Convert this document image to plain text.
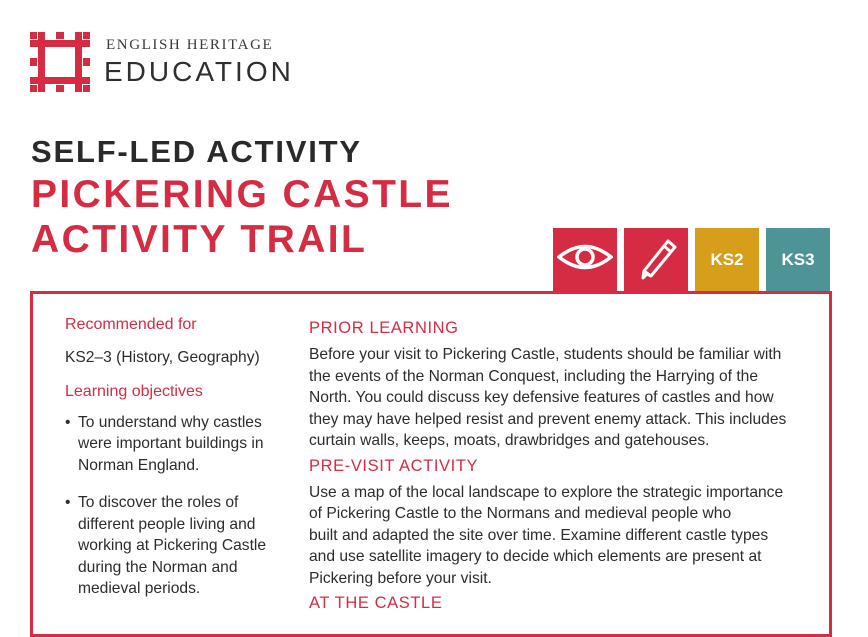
ENGLISH HERITAGE
EDUCATION
SELF-LED ACTIVITY
PICKERING CASTLE
ACTIVITY TRAIL	KS2	KS3
Recommended for
KS2–3 (History, Geography)
Learning objectives
• To understand why castles were important buildings in Norman England.
• To discover the roles of different people living and working at Pickering Castle during the Norman and medieval periods.
PRIOR LEARNING
Before your visit to Pickering Castle, students should be familiar with
the events of the Norman Conquest, including the Harrying of the
North. You could discuss key defensive features of castles and how
they may have helped resist and prevent enemy attack. This includes
curtain walls, keeps, moats, drawbridges and gatehouses.
PRE-VISIT ACTIVITY
Use a map of the local landscape to explore the strategic importance
of Pickering Castle to the Normans and medieval people who
built and adapted the site over time. Examine different castle types
and use satellite imagery to decide which elements are present at
Pickering before your visit.
AT THE CASTLE
